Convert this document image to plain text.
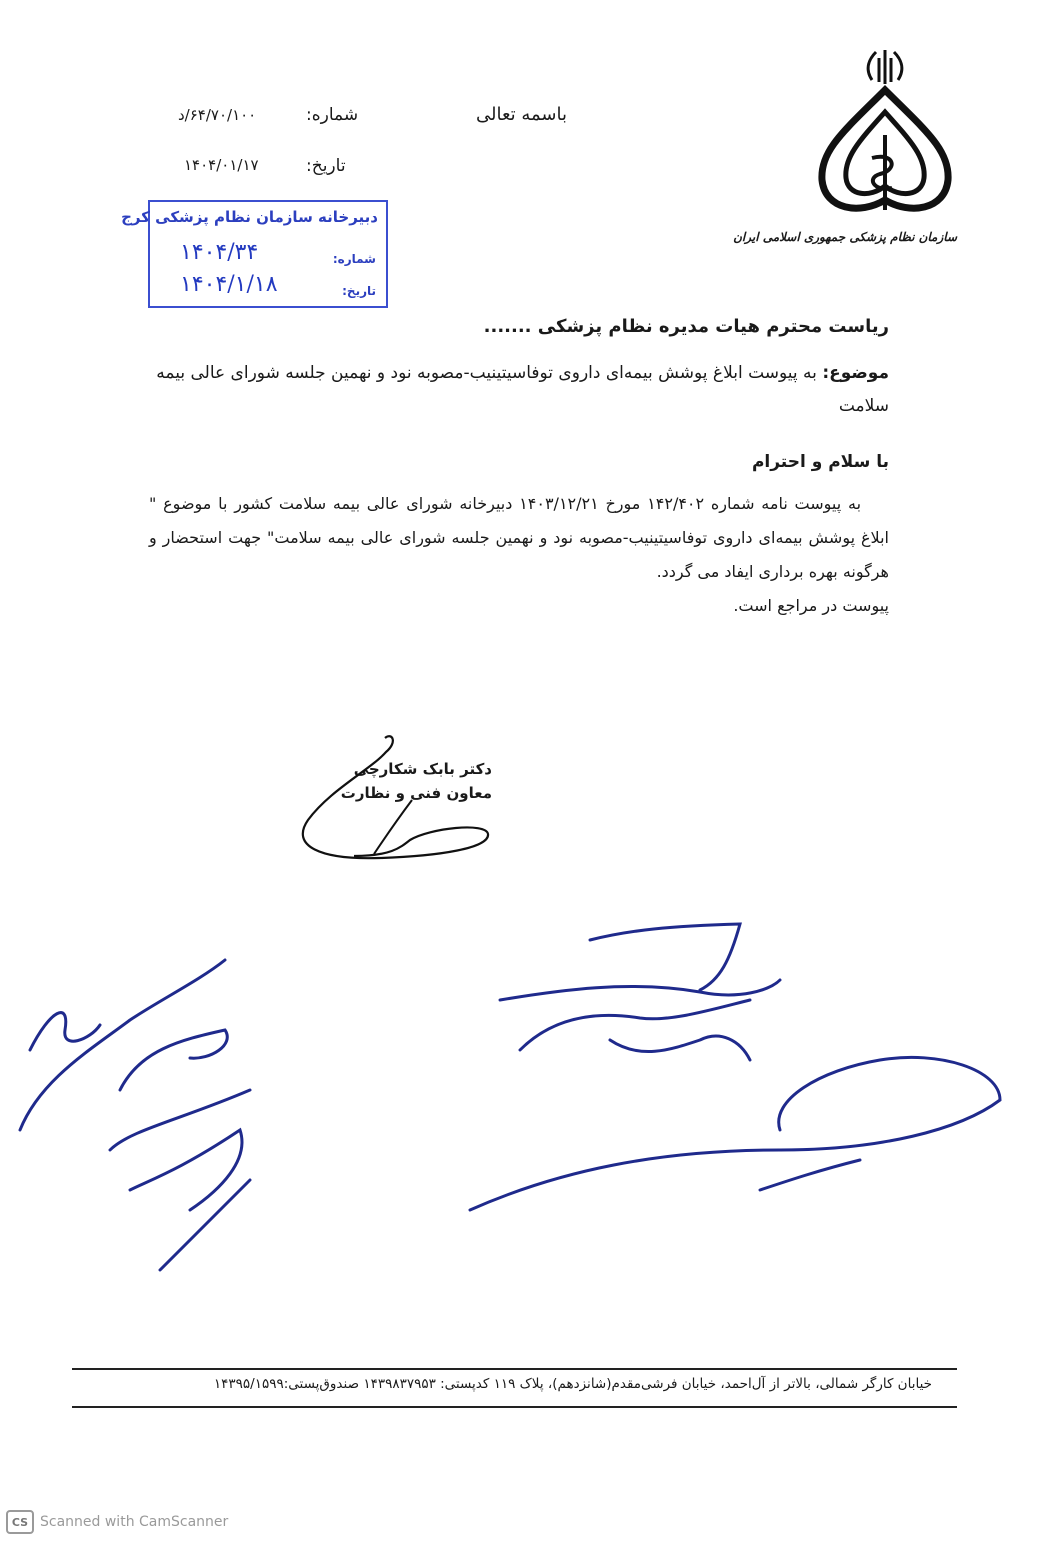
باسمه تعالی
شماره:
۶۴/۷۰/۱۰۰/د
تاریخ:
۱۴۰۴/۰۱/۱۷
سازمان نظام پزشکی جمهوری اسلامی ایران
دبیرخانه سازمان نظام پزشکی کرج
شماره:
۱۴۰۴/۳۴
تاریخ:
۱۴۰۴/۱/۱۸
ریاست محترم هیات مدیره نظام پزشکی .......
موضوع: به پیوست ابلاغ پوشش بیمه‌ای داروی توفاسیتینیب-مصوبه نود و نهمین جلسه شورای عالی بیمه سلامت
با سلام و احترام

به پیوست نامه شماره ۱۴۲/۴۰۲ مورخ ۱۴۰۳/۱۲/۲۱ دبیرخانه شورای عالی بیمه سلامت کشور با موضوع " ابلاغ پوشش بیمه‌ای داروی توفاسیتینیب-مصوبه نود و نهمین جلسه شورای عالی بیمه سلامت" جهت استحضار و هرگونه بهره برداری ایفاد می گردد.

پیوست در مراجع است.

دکتر بابک شکارچی
معاون فنی و نظارت
خیابان کارگر شمالی، بالاتر از آل‌احمد، خیابان فرشی‌مقدم(شانزدهم)، پلاک ۱۱۹ کدپستی: ۱۴۳۹۸۳۷۹۵۳ صندوق‌پستی:۱۴۳۹۵/۱۵۹۹
CS Scanned with CamScanner
